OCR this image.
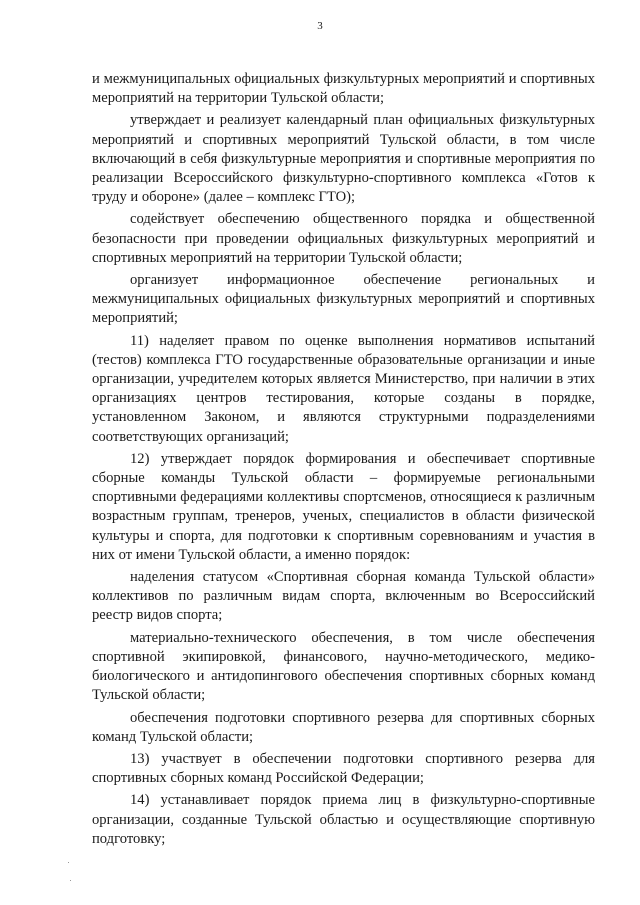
3

и межмуниципальных официальных физкультурных мероприятий и спортивных мероприятий на территории Тульской области;

утверждает и реализует календарный план официальных физкультурных мероприятий и спортивных мероприятий Тульской области, в том числе включающий в себя физкультурные мероприятия и спортивные мероприятия по реализации Всероссийского физкультурно-спортивного комплекса «Готов к труду и обороне» (далее – комплекс ГТО);

содействует обеспечению общественного порядка и общественной безопасности при проведении официальных физкультурных мероприятий и спортивных мероприятий на территории Тульской области;

организует информационное обеспечение региональных и межмуниципальных официальных физкультурных мероприятий и спортивных мероприятий;

11) наделяет правом по оценке выполнения нормативов испытаний (тестов) комплекса ГТО государственные образовательные организации и иные организации, учредителем которых является Министерство, при наличии в этих организациях центров тестирования, которые созданы в порядке, установленном Законом, и являются структурными подразделениями соответствующих организаций;

12) утверждает порядок формирования и обеспечивает спортивные сборные команды Тульской области – формируемые региональными спортивными федерациями коллективы спортсменов, относящиеся к различным возрастным группам, тренеров, ученых, специалистов в области физической культуры и спорта, для подготовки к спортивным соревнованиям и участия в них от имени Тульской области, а именно порядок:

наделения статусом «Спортивная сборная команда Тульской области» коллективов по различным видам спорта, включенным во Всероссийский реестр видов спорта;

материально-технического обеспечения, в том числе обеспечения спортивной экипировкой, финансового, научно-методического, медико-биологического и антидопингового обеспечения спортивных сборных команд Тульской области;

обеспечения подготовки спортивного резерва для спортивных сборных команд Тульской области;

13) участвует в обеспечении подготовки спортивного резерва для спортивных сборных команд Российской Федерации;

14) устанавливает порядок приема лиц в физкультурно-спортивные организации, созданные Тульской областью и осуществляющие спортивную подготовку;
